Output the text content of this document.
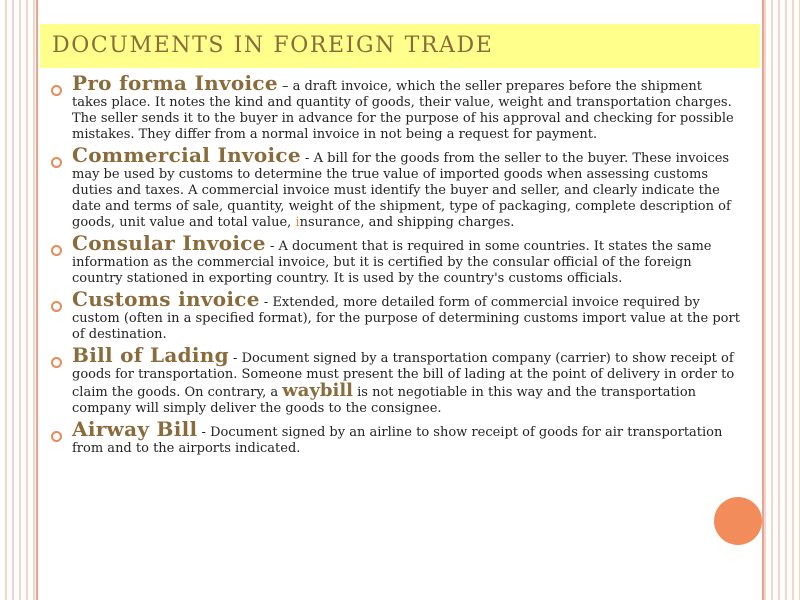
DOCUMENTS IN FOREIGN TRADE

Pro forma Invoice – a draft invoice, which the seller prepares before the shipment takes place. It notes the kind and quantity of goods, their value, weight and transportation charges. The seller sends it to the buyer in advance for the purpose of his approval and checking for possible mistakes. They differ from a normal invoice in not being a request for payment.

Commercial Invoice - A bill for the goods from the seller to the buyer. These invoices may be used by customs to determine the true value of imported goods when assessing customs duties and taxes. A commercial invoice must identify the buyer and seller, and clearly indicate the date and terms of sale, quantity, weight of the shipment, type of packaging, complete description of goods, unit value and total value, insurance, and shipping charges.

Consular Invoice - A document that is required in some countries. It states the same information as the commercial invoice, but it is certified by the consular official of the foreign country stationed in exporting country. It is used by the country's customs officials.

Customs invoice - Extended, more detailed form of commercial invoice required by custom (often in a specified format), for the purpose of determining customs import value at the port of destination.

Bill of Lading - Document signed by a transportation company (carrier) to show receipt of goods for transportation. Someone must present the bill of lading at the point of delivery in order to claim the goods. On contrary, a waybill is not negotiable in this way and the transportation company will simply deliver the goods to the consignee.

Airway Bill - Document signed by an airline to show receipt of goods for air transportation from and to the airports indicated.
